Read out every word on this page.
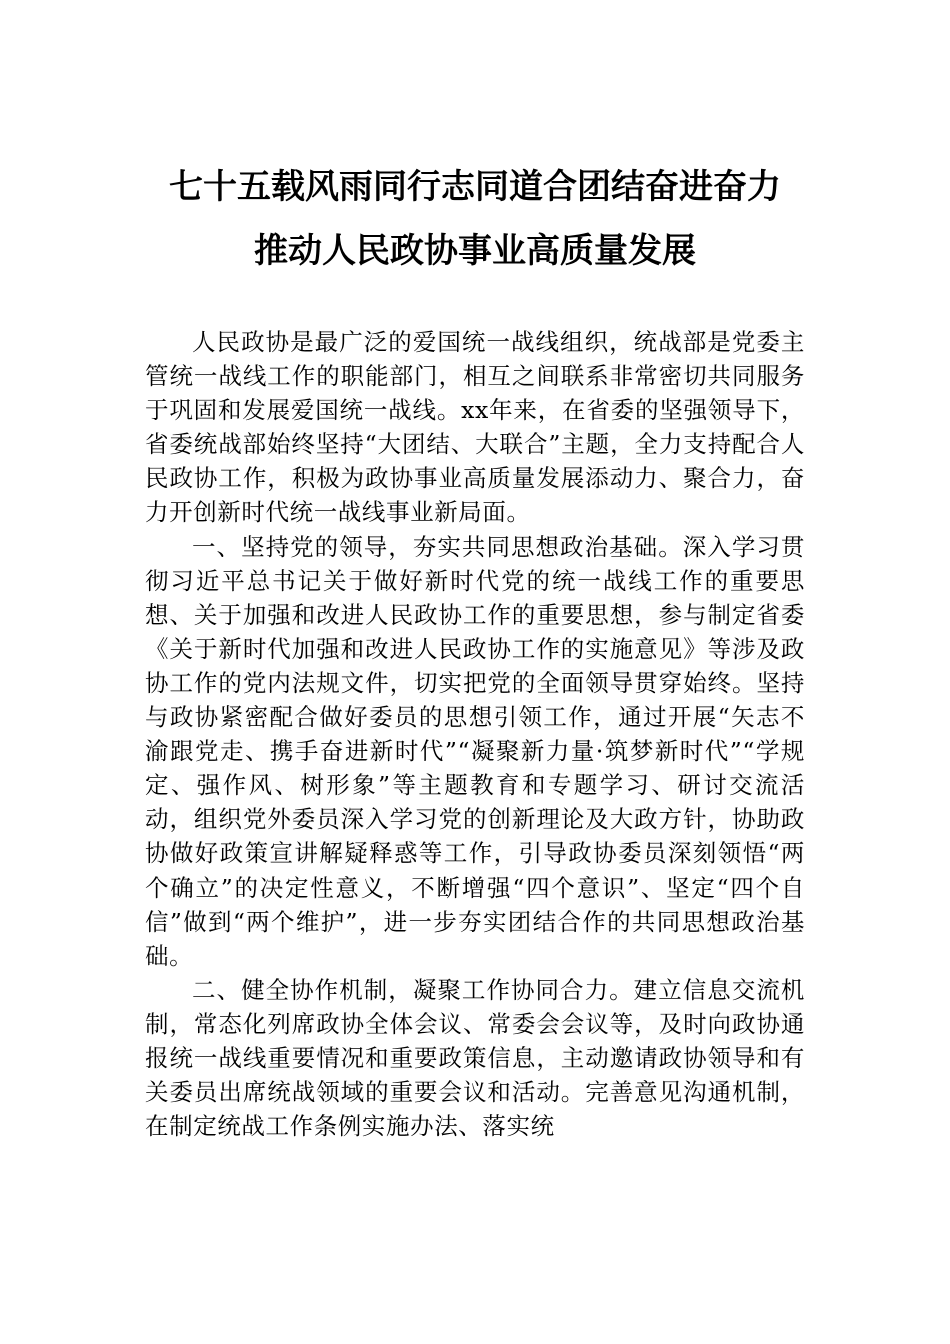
七十五载风雨同行志同道合团结奋进奋力
推动人民政协事业高质量发展

人民政协是最广泛的爱国统一战线组织，统战部是党委主管统一战线工作的职能部门，相互之间联系非常密切共同服务于巩固和发展爱国统一战线。xx年来，在省委的坚强领导下，省委统战部始终坚持“大团结、大联合”主题，全力支持配合人民政协工作，积极为政协事业高质量发展添动力、聚合力，奋力开创新时代统一战线事业新局面。

一、坚持党的领导，夯实共同思想政治基础。深入学习贯彻习近平总书记关于做好新时代党的统一战线工作的重要思想、关于加强和改进人民政协工作的重要思想，参与制定省委《关于新时代加强和改进人民政协工作的实施意见》等涉及政协工作的党内法规文件，切实把党的全面领导贯穿始终。坚持与政协紧密配合做好委员的思想引领工作，通过开展“矢志不渝跟党走、携手奋进新时代”“凝聚新力量·筑梦新时代”“学规定、强作风、树形象”等主题教育和专题学习、研讨交流活动，组织党外委员深入学习党的创新理论及大政方针，协助政协做好政策宣讲解疑释惑等工作，引导政协委员深刻领悟“两个确立”的决定性意义，不断增强“四个意识”、坚定“四个自信”做到“两个维护”，进一步夯实团结合作的共同思想政治基础。

二、健全协作机制，凝聚工作协同合力。建立信息交流机制，常态化列席政协全体会议、常委会会议等，及时向政协通报统一战线重要情况和重要政策信息，主动邀请政协领导和有关委员出席统战领域的重要会议和活动。完善意见沟通机制，在制定统战工作条例实施办法、落实统
